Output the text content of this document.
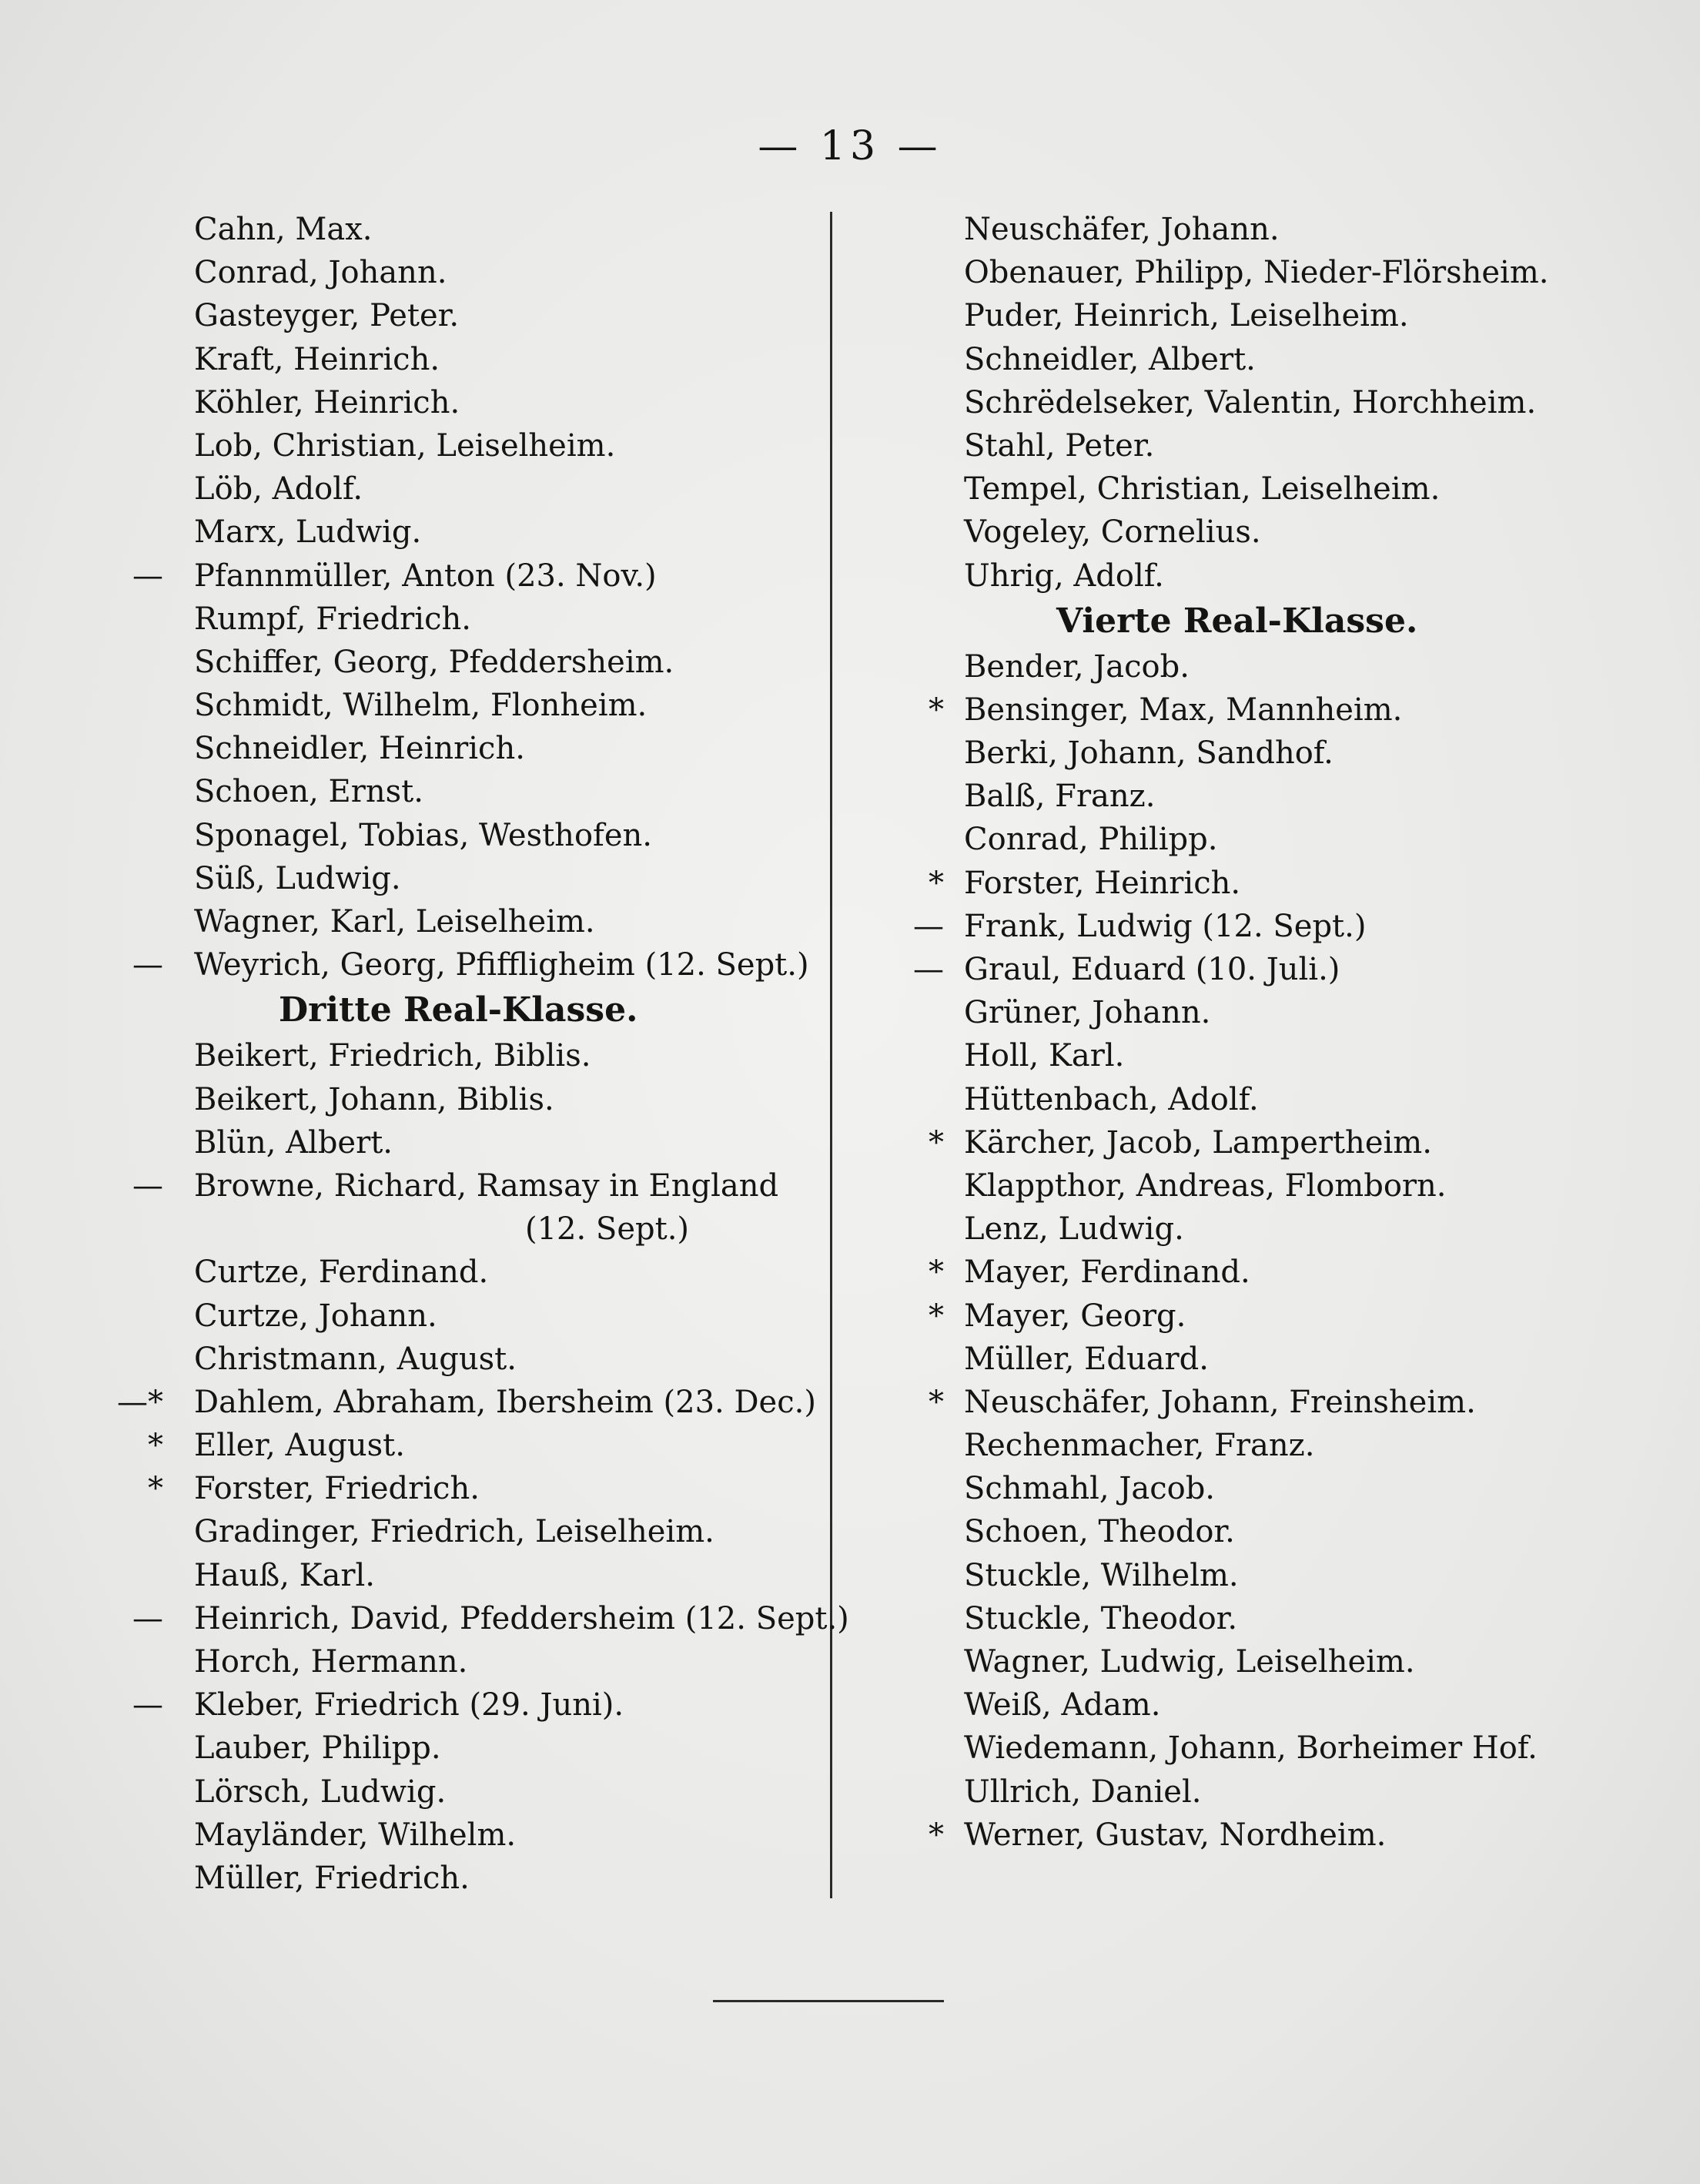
— 13 —
Cahn, Max.
Conrad, Johann.
Gasteyger, Peter.
Kraft, Heinrich.
Köhler, Heinrich.
Lob, Christian, Leiselheim.
Löb, Adolf.
Marx, Ludwig.
— Pfannmüller, Anton (23. Nov.)
Rumpf, Friedrich.
Schiffer, Georg, Pfeddersheim.
Schmidt, Wilhelm, Flonheim.
Schneidler, Heinrich.
Schoen, Ernst.
Sponagel, Tobias, Westhofen.
Süß, Ludwig.
Wagner, Karl, Leiselheim.
— Weyrich, Georg, Pfiffligheim (12. Sept.)
Dritte Real-Klasse.
Beikert, Friedrich, Biblis.
Beikert, Johann, Biblis.
Blün, Albert.
— Browne, Richard, Ramsay in England
(12. Sept.)
Curtze, Ferdinand.
Curtze, Johann.
Christmann, August.
—* Dahlem, Abraham, Ibersheim (23. Dec.)
* Eller, August.
* Forster, Friedrich.
Gradinger, Friedrich, Leiselheim.
Hauß, Karl.
— Heinrich, David, Pfeddersheim (12. Sept.)
Horch, Hermann.
— Kleber, Friedrich (29. Juni).
Lauber, Philipp.
Lörsch, Ludwig.
Mayländer, Wilhelm.
Müller, Friedrich.
Neuschäfer, Johann.
Obenauer, Philipp, Nieder-Flörsheim.
Puder, Heinrich, Leiselheim.
Schneidler, Albert.
Schrëdelseker, Valentin, Horchheim.
Stahl, Peter.
Tempel, Christian, Leiselheim.
Vogeley, Cornelius.
Uhrig, Adolf.
Vierte Real-Klasse.
Bender, Jacob.
* Bensinger, Max, Mannheim.
Berki, Johann, Sandhof.
Balß, Franz.
Conrad, Philipp.
* Forster, Heinrich.
— Frank, Ludwig (12. Sept.)
— Graul, Eduard (10. Juli.)
Grüner, Johann.
Holl, Karl.
Hüttenbach, Adolf.
* Kärcher, Jacob, Lampertheim.
Klappthor, Andreas, Flomborn.
Lenz, Ludwig.
* Mayer, Ferdinand.
* Mayer, Georg.
Müller, Eduard.
* Neuschäfer, Johann, Freinsheim.
Rechenmacher, Franz.
Schmahl, Jacob.
Schoen, Theodor.
Stuckle, Wilhelm.
Stuckle, Theodor.
Wagner, Ludwig, Leiselheim.
Weiß, Adam.
Wiedemann, Johann, Borheimer Hof.
Ullrich, Daniel.
* Werner, Gustav, Nordheim.
